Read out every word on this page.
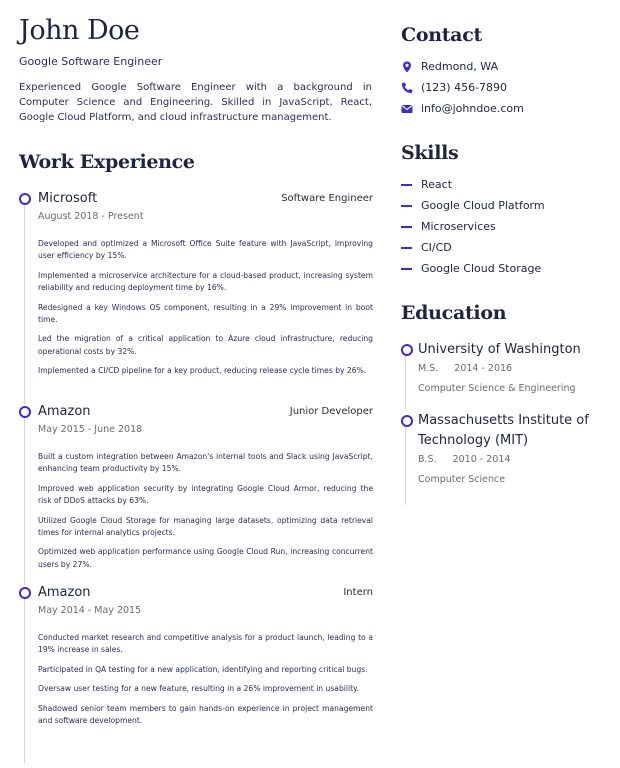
John Doe
Google Software Engineer

Experienced Google Software Engineer with a background in Computer Science and Engineering. Skilled in JavaScript, React, Google Cloud Platform, and cloud infrastructure management.

Work Experience
Microsoft	Software Engineer
August 2018 - Present
Developed and optimized a Microsoft Office Suite feature with JavaScript, improving user efficiency by 15%.
Implemented a microservice architecture for a cloud-based product, increasing system reliability and reducing deployment time by 16%.
Redesigned a key Windows OS component, resulting in a 29% improvement in boot time.
Led the migration of a critical application to Azure cloud infrastructure, reducing operational costs by 32%.
Implemented a CI/CD pipeline for a key product, reducing release cycle times by 26%.
Amazon	Junior Developer
May 2015 - June 2018
Built a custom integration between Amazon's internal tools and Slack using JavaScript, enhancing team productivity by 15%.
Improved web application security by integrating Google Cloud Armor, reducing the risk of DDoS attacks by 63%.
Utilized Google Cloud Storage for managing large datasets, optimizing data retrieval times for internal analytics projects.
Optimized web application performance using Google Cloud Run, increasing concurrent users by 27%.
Amazon	Intern
May 2014 - May 2015
Conducted market research and competitive analysis for a product launch, leading to a 19% increase in sales.
Participated in QA testing for a new application, identifying and reporting critical bugs.
Oversaw user testing for a new feature, resulting in a 26% improvement in usability.
Shadowed senior team members to gain hands-on experience in project management and software development.
Contact
Redmond, WA
(123) 456-7890
info@johndoe.com
Skills
React
Google Cloud Platform
Microservices
CI/CD
Google Cloud Storage
Education
University of Washington
M.S. 2014 - 2016
Computer Science & Engineering
Massachusetts Institute of Technology (MIT)
B.S. 2010 - 2014
Computer Science
